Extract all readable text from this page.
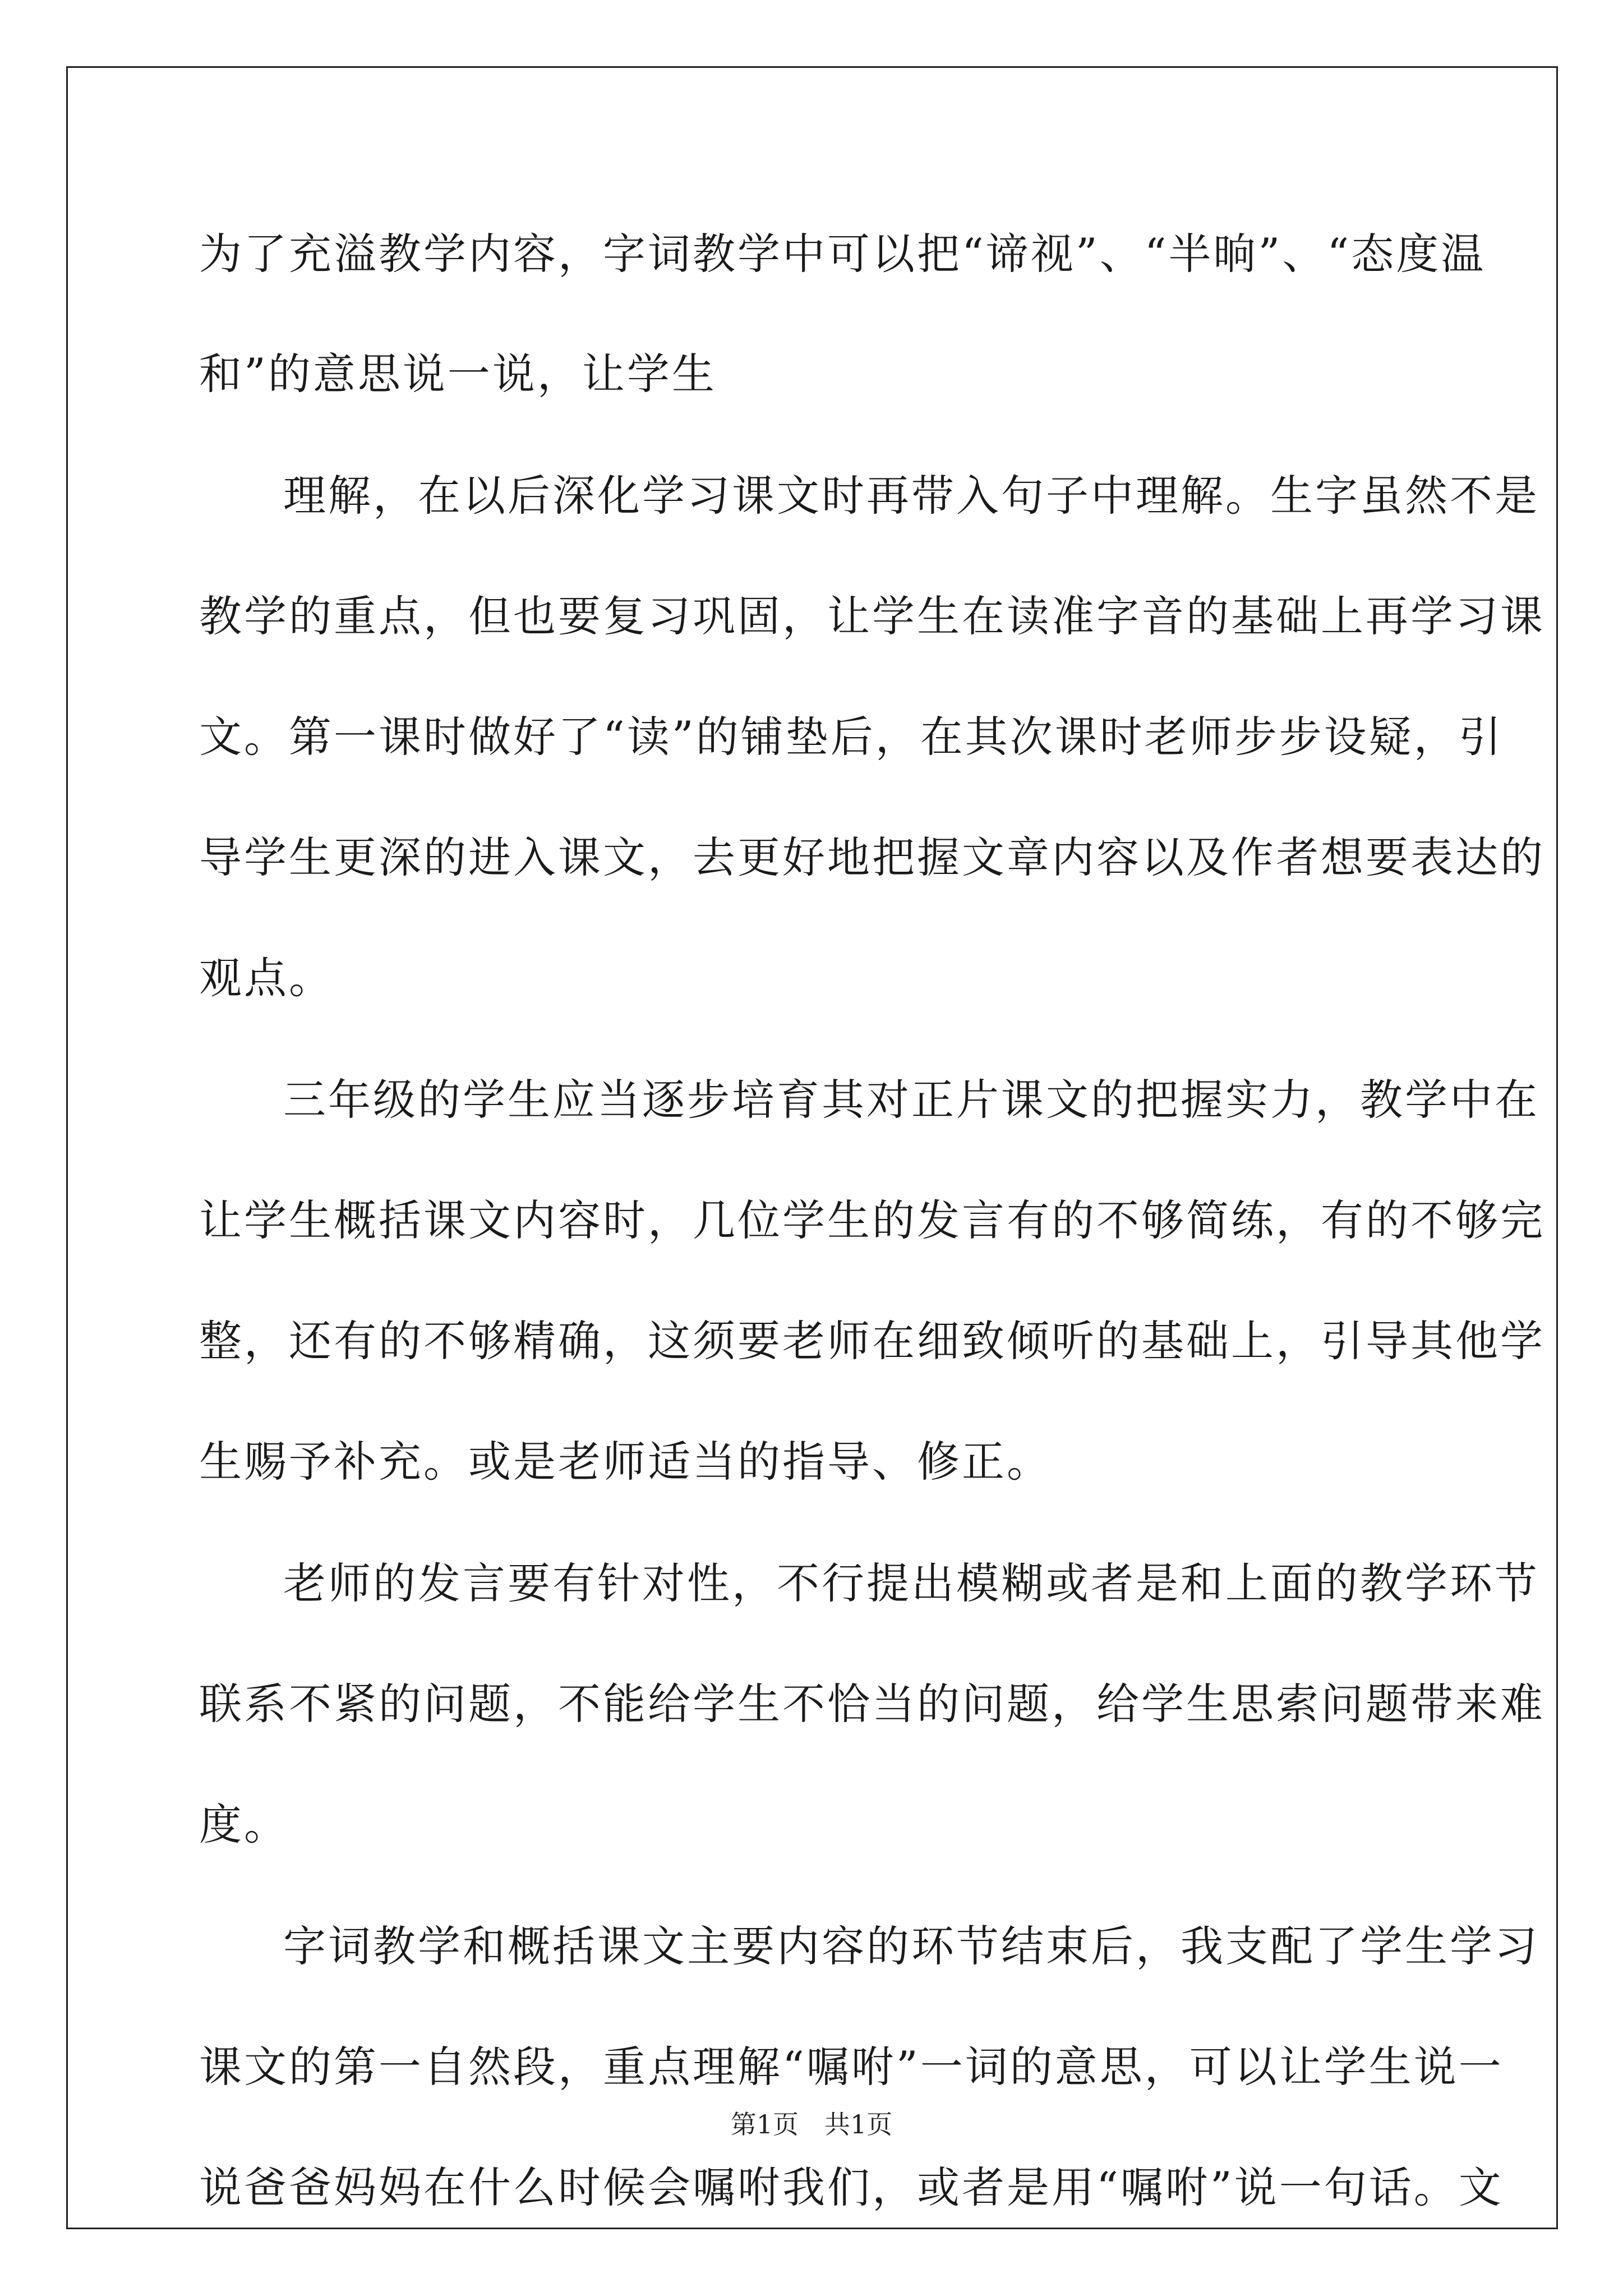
为了充溢教学内容，字词教学中可以把“谛视”、“半晌”、“态度温
和”的意思说一说，让学生
理解，在以后深化学习课文时再带入句子中理解。生字虽然不是
教学的重点，但也要复习巩固，让学生在读准字音的基础上再学习课
文。第一课时做好了“读”的铺垫后，在其次课时老师步步设疑，引
导学生更深的进入课文，去更好地把握文章内容以及作者想要表达的
观点。
三年级的学生应当逐步培育其对正片课文的把握实力，教学中在
让学生概括课文内容时，几位学生的发言有的不够简练，有的不够完
整，还有的不够精确，这须要老师在细致倾听的基础上，引导其他学
生赐予补充。或是老师适当的指导、修正。
老师的发言要有针对性，不行提出模糊或者是和上面的教学环节
联系不紧的问题，不能给学生不恰当的问题，给学生思索问题带来难
度。
字词教学和概括课文主要内容的环节结束后，我支配了学生学习
课文的第一自然段，重点理解“嘱咐”一词的意思，可以让学生说一
说爸爸妈妈在什么时候会嘱咐我们，或者是用“嘱咐”说一句话。文
第1页　共1页
